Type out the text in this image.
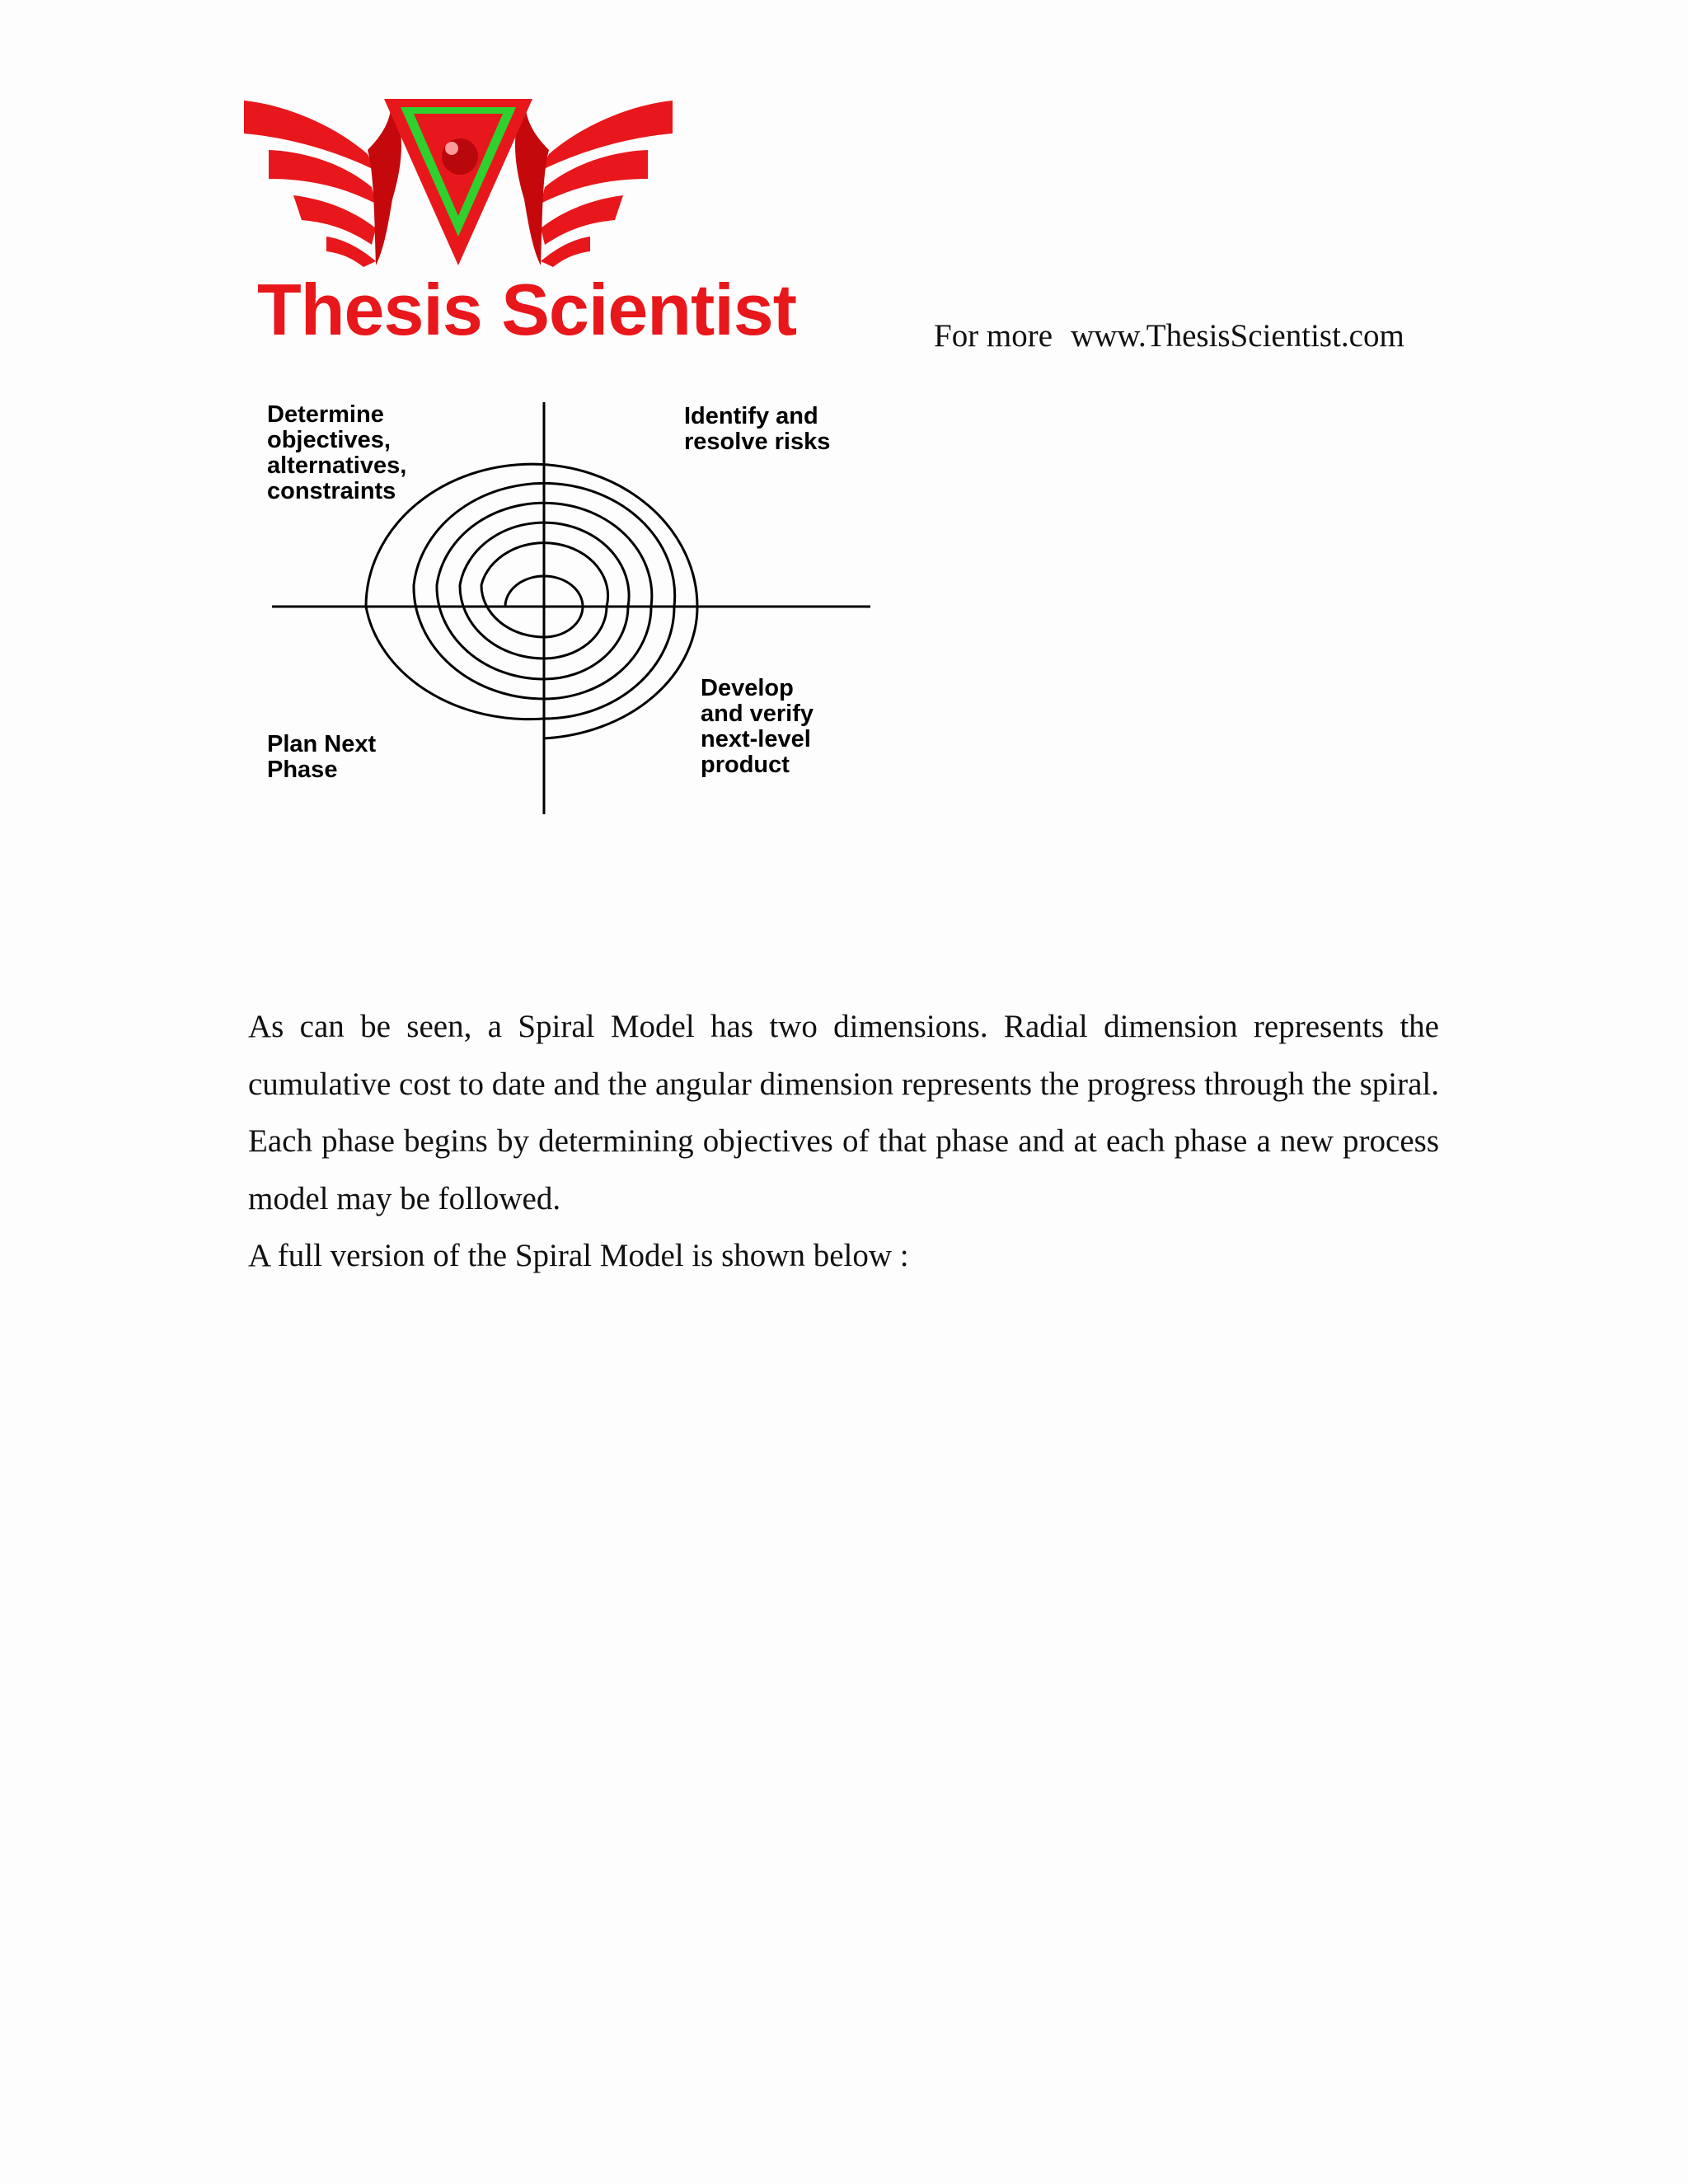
Thesis Scientist	For more www.ThesisScientist.com
Determine
objectives,
alternatives,
constraints
Identify and
resolve risks
Plan Next
Phase
Develop
and verify
next-level
product

As can be seen, a Spiral Model has two dimensions. Radial dimension represents the cumulative cost to date and the angular dimension represents the progress through the spiral. Each phase begins by determining objectives of that phase and at each phase a new process model may be followed.

A full version of the Spiral Model is shown below :
